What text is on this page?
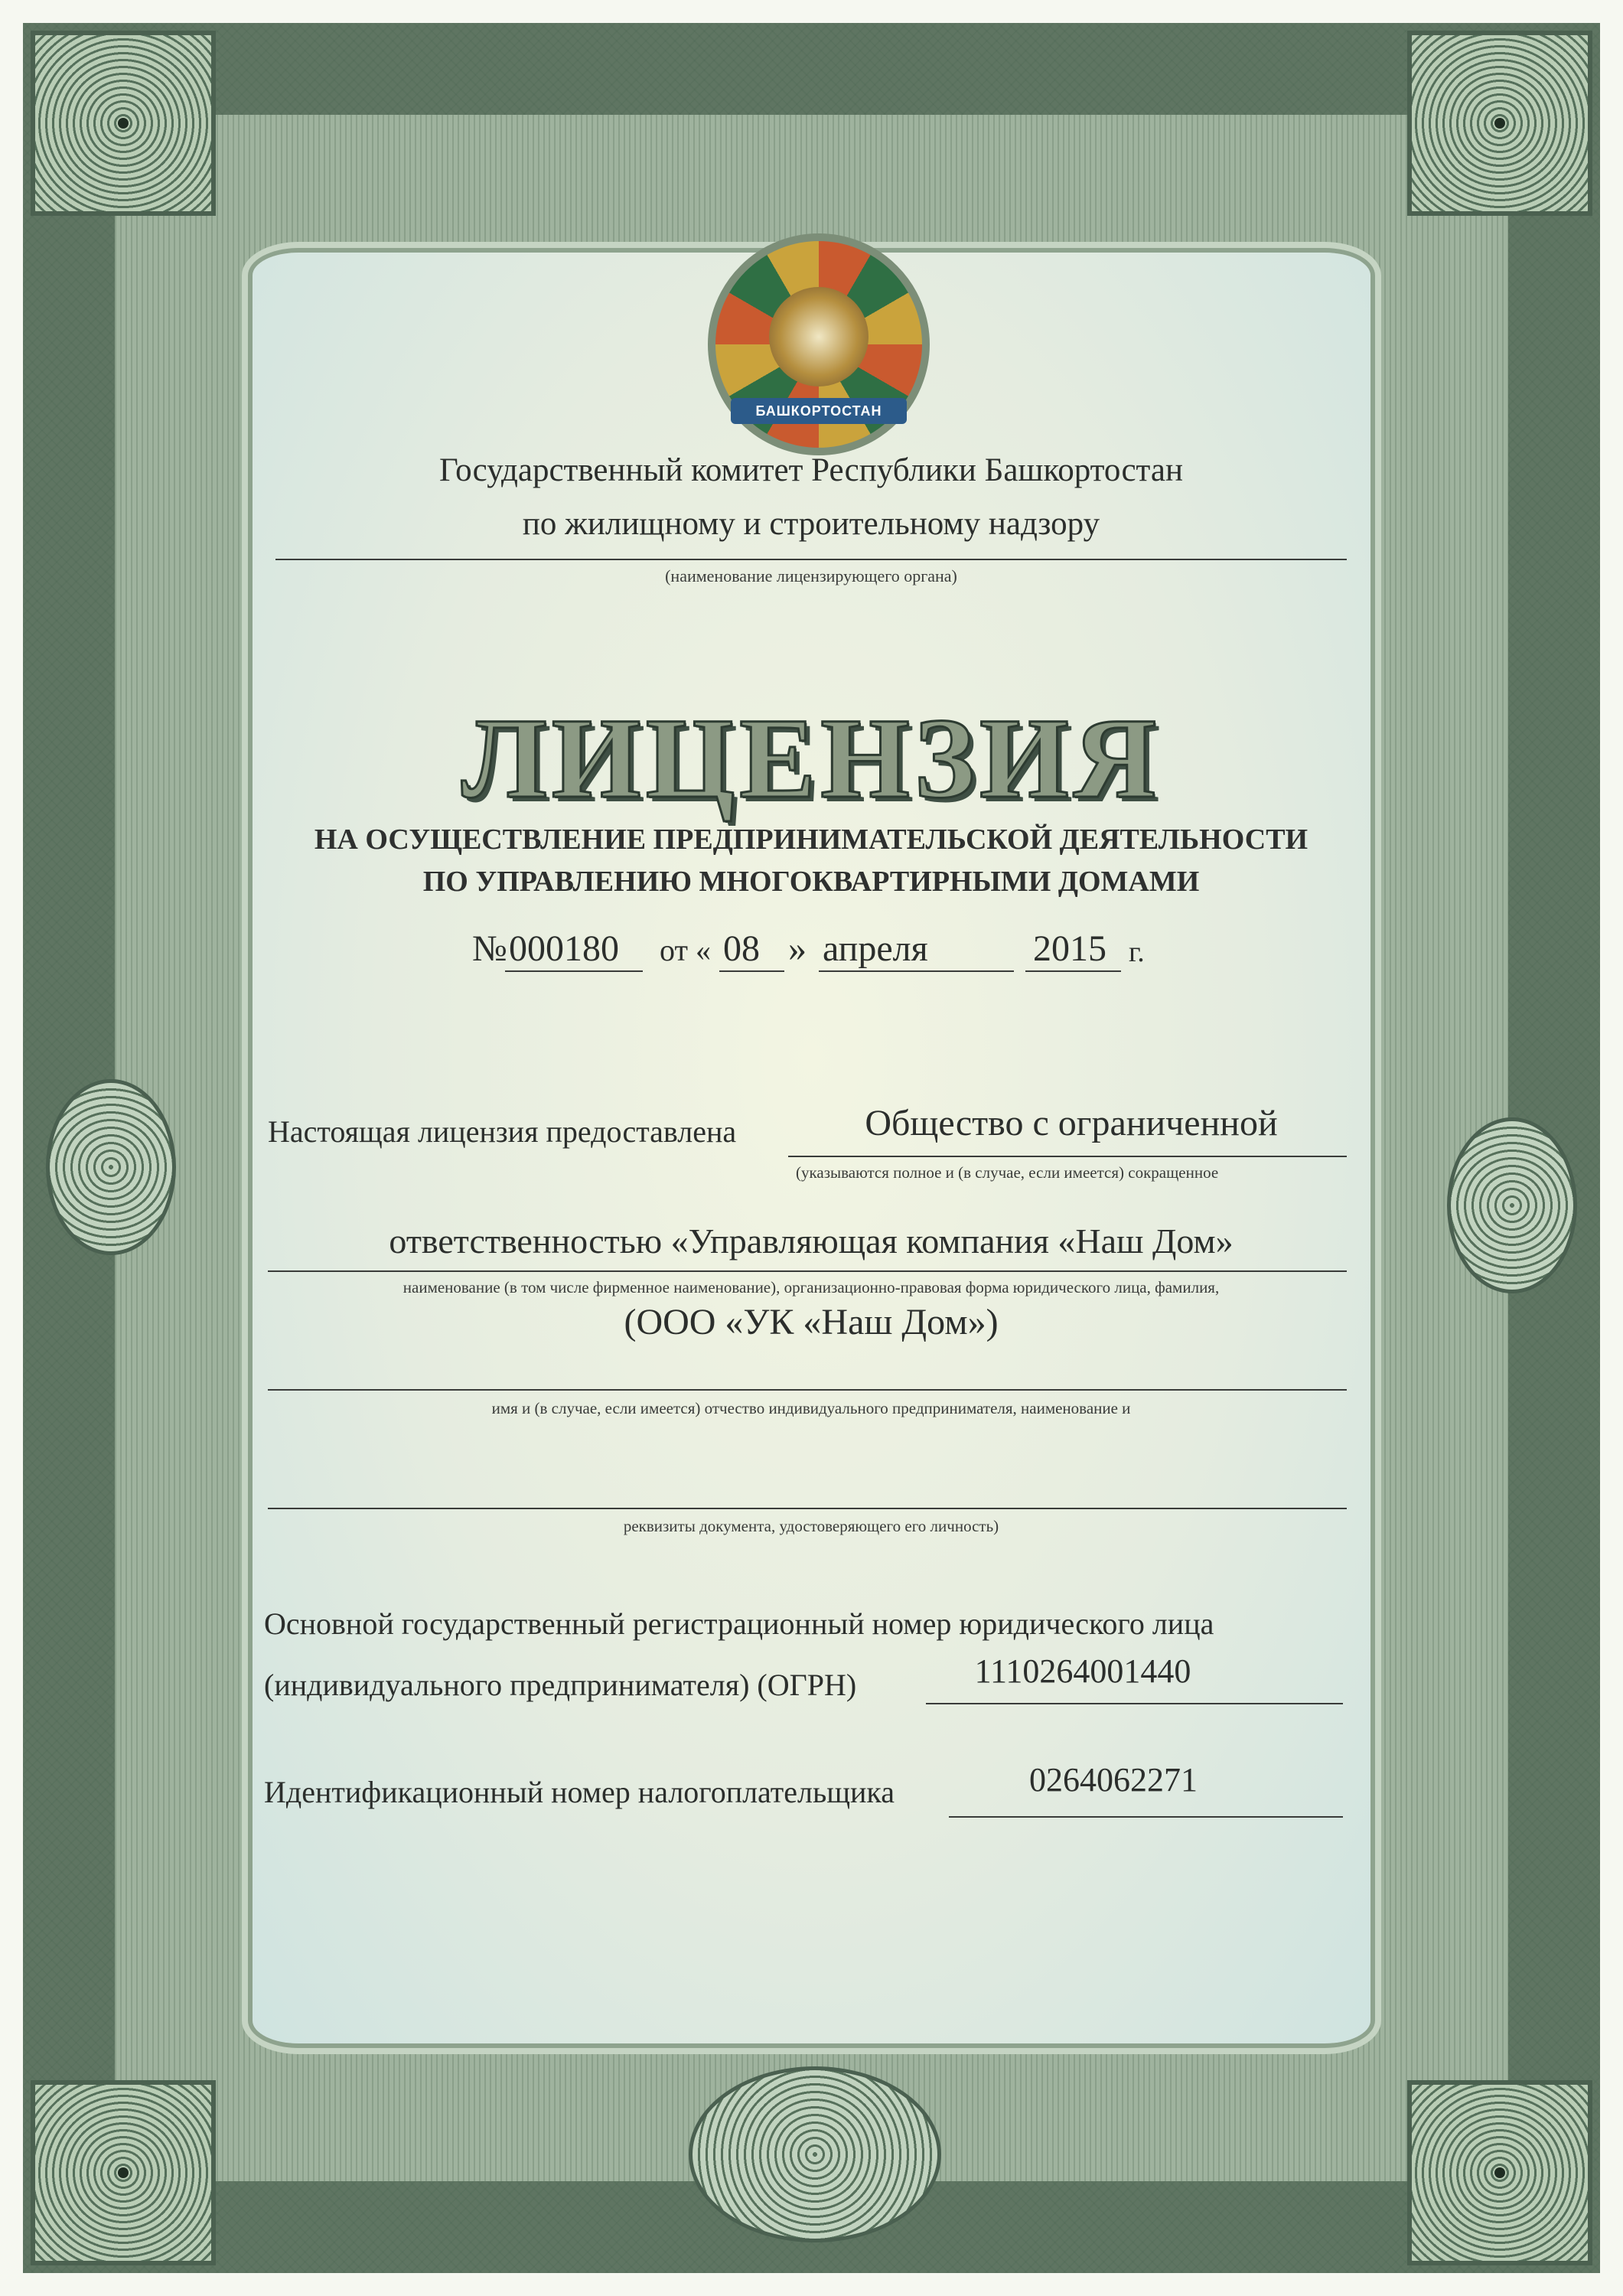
БАШКОРТОСТАН
Государственный комитет Республики Башкортостан
по жилищному и строительному надзору
(наименование лицензирующего органа)
ЛИЦЕНЗИЯ
НА ОСУЩЕСТВЛЕНИЕ ПРЕДПРИНИМАТЕЛЬСКОЙ ДЕЯТЕЛЬНОСТИ
ПО УПРАВЛЕНИЮ МНОГОКВАРТИРНЫМИ ДОМАМИ
№ 000180 от « 08 » апреля	2015 г.
Настоящая лицензия предоставлена	Общество с ограниченной
(указываются полное и (в случае, если имеется) сокращенное
ответственностью «Управляющая компания «Наш Дом»
наименование (в том числе фирменное наименование), организационно-правовая форма юридического лица, фамилия,
(ООО «УК «Наш Дом»)
имя и (в случае, если имеется) отчество индивидуального предпринимателя, наименование и
реквизиты документа, удостоверяющего его личность)
Основной государственный регистрационный номер юридического лица
(индивидуального предпринимателя) (ОГРН)	1110264001440
Идентификационный номер налогоплательщика	0264062271
